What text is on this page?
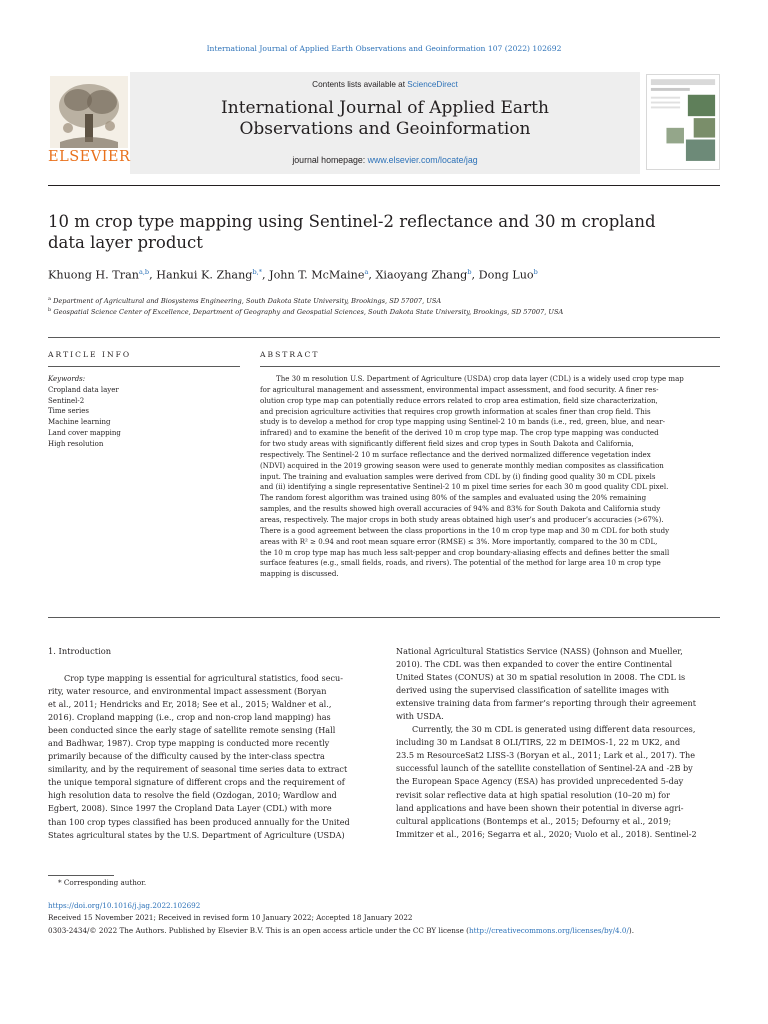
International Journal of Applied Earth Observations and Geoinformation 107 (2022) 102692
ELSEVIER
Contents lists available at ScienceDirect
International Journal of Applied Earth
Observations and Geoinformation
journal homepage: www.elsevier.com/locate/jag
10 m crop type mapping using Sentinel-2 reflectance and 30 m cropland
data layer product
Khuong H. Tran$^{a,b}$, Hankui K. Zhang$^{b,*}$, John T. McMaine$^a$, Xiaoyang Zhang$^b$, Dong Luo$^b$
$^a$ Department of Agricultural and Biosystems Engineering, South Dakota State University, Brookings, SD 57007, USA
$^b$ Geospatial Science Center of Excellence, Department of Geography and Geospatial Sciences, South Dakota State University, Brookings, SD 57007, USA
ARTICLE INFO	ABSTRACT
Keywords:
Cropland data layer
Sentinel-2
Time series
Machine learning
Land cover mapping
High resolution
The 30 m resolution U.S. Department of Agriculture (USDA) crop data layer (CDL) is a widely used crop type map
for agricultural management and assessment, environmental impact assessment, and food security. A finer res-
olution crop type map can potentially reduce errors related to crop area estimation, field size characterization,
and precision agriculture activities that requires crop growth information at scales finer than crop field. This
study is to develop a method for crop type mapping using Sentinel-2 10 m bands (i.e., red, green, blue, and near-
infrared) and to examine the benefit of the derived 10 m crop type map. The crop type mapping was conducted
for two study areas with significantly different field sizes and crop types in South Dakota and California,
respectively. The Sentinel-2 10 m surface reflectance and the derived normalized difference vegetation index
(NDVI) acquired in the 2019 growing season were used to generate monthly median composites as classification
input. The training and evaluation samples were derived from CDL by (i) finding good quality 30 m CDL pixels
and (ii) identifying a single representative Sentinel-2 10 m pixel time series for each 30 m good quality CDL pixel.
The random forest algorithm was trained using 80% of the samples and evaluated using the 20% remaining
samples, and the results showed high overall accuracies of 94% and 83% for South Dakota and California study
areas, respectively. The major crops in both study areas obtained high user’s and producer’s accuracies (>67%).
There is a good agreement between the class proportions in the 10 m crop type map and 30 m CDL for both study
areas with R² ≥ 0.94 and root mean square error (RMSE) ≤ 3%. More importantly, compared to the 30 m CDL,
the 10 m crop type map has much less salt-pepper and crop boundary-aliasing effects and defines better the small
surface features (e.g., small fields, roads, and rivers). The potential of the method for large area 10 m crop type
mapping is discussed.
1. Introduction
Crop type mapping is essential for agricultural statistics, food secu-
rity, water resource, and environmental impact assessment (Boryan
et al., 2011; Hendricks and Er, 2018; See et al., 2015; Waldner et al.,
2016). Cropland mapping (i.e., crop and non-crop land mapping) has
been conducted since the early stage of satellite remote sensing (Hall
and Badhwar, 1987). Crop type mapping is conducted more recently
primarily because of the difficulty caused by the inter-class spectra
similarity, and by the requirement of seasonal time series data to extract
the unique temporal signature of different crops and the requirement of
high resolution data to resolve the field (Ozdogan, 2010; Wardlow and
Egbert, 2008). Since 1997 the Cropland Data Layer (CDL) with more
than 100 crop types classified has been produced annually for the United
States agricultural states by the U.S. Department of Agriculture (USDA)
National Agricultural Statistics Service (NASS) (Johnson and Mueller,
2010). The CDL was then expanded to cover the entire Continental
United States (CONUS) at 30 m spatial resolution in 2008. The CDL is
derived using the supervised classification of satellite images with
extensive training data from farmer’s reporting through their agreement
with USDA.
Currently, the 30 m CDL is generated using different data resources,
including 30 m Landsat 8 OLI/TIRS, 22 m DEIMOS-1, 22 m UK2, and
23.5 m ResourceSat2 LISS-3 (Boryan et al., 2011; Lark et al., 2017). The
successful launch of the satellite constellation of Sentinel-2A and -2B by
the European Space Agency (ESA) has provided unprecedented 5-day
revisit solar reflective data at high spatial resolution (10–20 m) for
land applications and have been shown their potential in diverse agri-
cultural applications (Bontemps et al., 2015; Defourny et al., 2019;
Immitzer et al., 2016; Segarra et al., 2020; Vuolo et al., 2018). Sentinel-2
* Corresponding author.
https://doi.org/10.1016/j.jag.2022.102692
Received 15 November 2021; Received in revised form 10 January 2022; Accepted 18 January 2022
0303-2434/© 2022 The Authors. Published by Elsevier B.V. This is an open access article under the CC BY license (http://creativecommons.org/licenses/by/4.0/).
